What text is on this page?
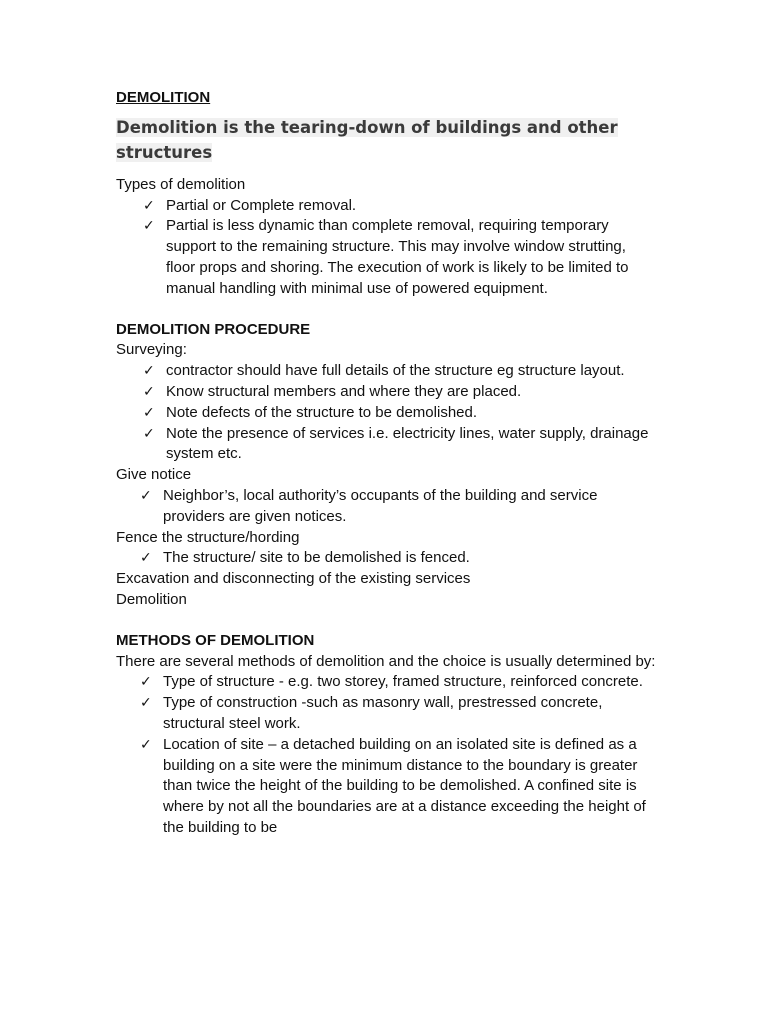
DEMOLITION
Demolition is the tearing-down of buildings and other structures
Types of demolition
✓ Partial or Complete removal.
✓ Partial is less dynamic than complete removal, requiring temporary support to the remaining structure. This may involve window strutting, floor props and shoring. The execution of work is likely to be limited to manual handling with minimal use of powered equipment.
DEMOLITION PROCEDURE
Surveying:
✓ contractor should have full details of the structure eg structure layout.
✓ Know structural members and where they are placed.
✓ Note defects of the structure to be demolished.
✓ Note the presence of services i.e. electricity lines, water supply, drainage system etc.
Give notice
✓ Neighbor’s, local authority’s occupants of the building and service providers are given notices.
Fence the structure/hording
✓ The structure/ site to be demolished is fenced.
Excavation and disconnecting of the existing services
Demolition
METHODS OF DEMOLITION
There are several methods of demolition and the choice is usually determined by:
✓ Type of structure - e.g. two storey, framed structure, reinforced concrete.
✓ Type of construction -such as masonry wall, prestressed concrete, structural steel work.
✓ Location of site – a detached building on an isolated site is defined as a building on a site were the minimum distance to the boundary is greater than twice the height of the building to be demolished. A confined site is where by not all the boundaries are at a distance exceeding the height of the building to be
